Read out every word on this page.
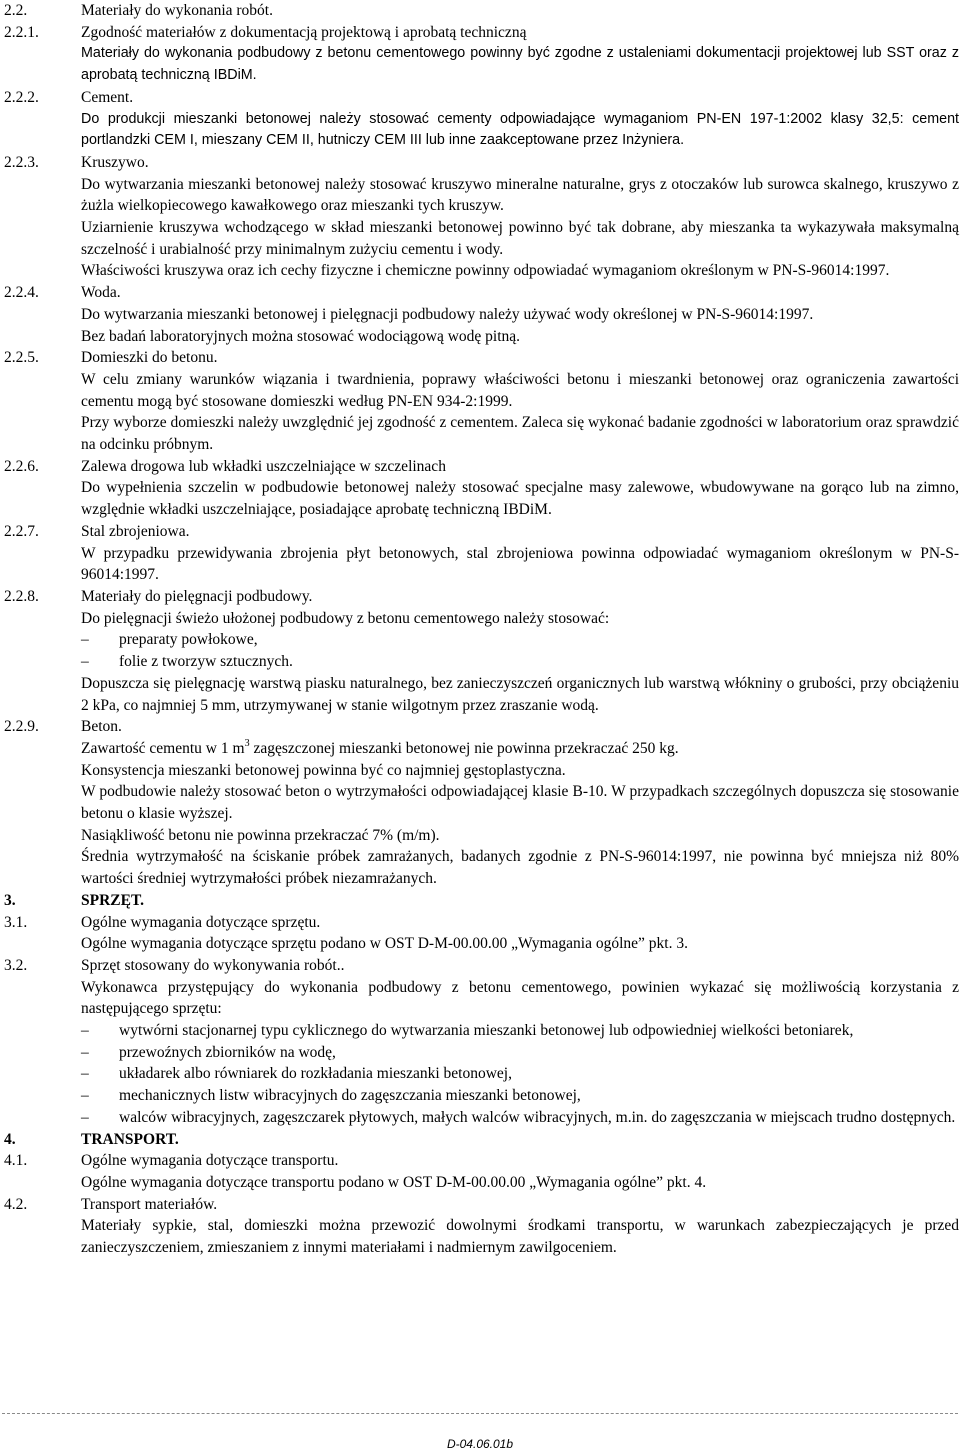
2.2.	Materiały do wykonania robót.
2.2.1.	Zgodność materiałów z dokumentacją projektową i aprobatą techniczną
Materiały do wykonania podbudowy z betonu cementowego powinny być zgodne z ustaleniami dokumentacji projektowej lub SST oraz z aprobatą techniczną IBDiM.
2.2.2.	Cement.
Do produkcji mieszanki betonowej należy stosować cementy odpowiadające wymaganiom PN-EN 197-1:2002 klasy 32,5: cement portlandzki CEM I, mieszany CEM II, hutniczy CEM III lub inne zaakceptowane przez Inżyniera.
2.2.3.	Kruszywo.
Do wytwarzania mieszanki betonowej należy stosować kruszywo mineralne naturalne, grys z otoczaków lub surowca skalnego, kruszywo z żużla wielkopiecowego kawałkowego oraz mieszanki tych kruszyw.
Uziarnienie kruszywa wchodzącego w skład mieszanki betonowej powinno być tak dobrane, aby mieszanka ta wykazywała maksymalną szczelność i urabialność przy minimalnym zużyciu cementu i wody.
Właściwości kruszywa oraz ich cechy fizyczne i chemiczne powinny odpowiadać wymaganiom określonym w PN-S-96014:1997.
2.2.4.	Woda.
Do wytwarzania mieszanki betonowej i pielęgnacji podbudowy należy używać wody określonej w PN-S-96014:1997.
Bez badań laboratoryjnych można stosować wodociągową wodę pitną.
2.2.5.	Domieszki do betonu.
W celu zmiany warunków wiązania i twardnienia, poprawy właściwości betonu i mieszanki betonowej oraz ograniczenia zawartości cementu mogą być stosowane domieszki według PN-EN 934-2:1999.
Przy wyborze domieszki należy uwzględnić jej zgodność z cementem. Zaleca się wykonać badanie zgodności w laboratorium oraz sprawdzić na odcinku próbnym.
2.2.6.	Zalewa drogowa lub wkładki uszczelniające w szczelinach
Do wypełnienia szczelin w podbudowie betonowej należy stosować specjalne masy zalewowe, wbudowywane na gorąco lub na zimno, względnie wkładki uszczelniające, posiadające aprobatę techniczną IBDiM.
2.2.7.	Stal zbrojeniowa.
W przypadku przewidywania zbrojenia płyt betonowych, stal zbrojeniowa powinna odpowiadać wymaganiom określonym w PN-S-96014:1997.
2.2.8.	Materiały do pielęgnacji podbudowy.
Do pielęgnacji świeżo ułożonej podbudowy z betonu cementowego należy stosować:
–	preparaty powłokowe,
–	folie z tworzyw sztucznych.
Dopuszcza się pielęgnację warstwą piasku naturalnego, bez zanieczyszczeń organicznych lub warstwą włókniny o grubości, przy obciążeniu 2 kPa, co najmniej 5 mm, utrzymywanej w stanie wilgotnym przez zraszanie wodą.
2.2.9.	Beton.
Zawartość cementu w 1 $m^3$ zagęszczonej mieszanki betonowej nie powinna przekraczać 250 kg.
Konsystencja mieszanki betonowej powinna być co najmniej gęstoplastyczna.
W podbudowie należy stosować beton o wytrzymałości odpowiadającej klasie B-10. W przypadkach szczególnych dopuszcza się stosowanie betonu o klasie wyższej.
Nasiąkliwość betonu nie powinna przekraczać 7% (m/m).
Średnia wytrzymałość na ściskanie próbek zamrażanych, badanych zgodnie z PN-S-96014:1997, nie powinna być mniejsza niż 80% wartości średniej wytrzymałości próbek niezamrażanych.
3.	SPRZĘT.
3.1.	Ogólne wymagania dotyczące sprzętu.
Ogólne wymagania dotyczące sprzętu podano w OST D-M-00.00.00 „Wymagania ogólne” pkt. 3.
3.2.	Sprzęt stosowany do wykonywania robót..
Wykonawca przystępujący do wykonania podbudowy z betonu cementowego, powinien wykazać się możliwością korzystania z następującego sprzętu:
–	wytwórni stacjonarnej typu cyklicznego do wytwarzania mieszanki betonowej lub odpowiedniej wielkości betoniarek,
–	przewoźnych zbiorników na wodę,
–	układarek albo równiarek do rozkładania mieszanki betonowej,
–	mechanicznych listw wibracyjnych do zagęszczania mieszanki betonowej,
–	walców wibracyjnych, zagęszczarek płytowych, małych walców wibracyjnych, m.in. do zagęszczania w miejscach trudno dostępnych.
4.	TRANSPORT.
4.1.	Ogólne wymagania dotyczące transportu.
Ogólne wymagania dotyczące transportu podano w OST D-M-00.00.00 „Wymagania ogólne” pkt. 4.
4.2.	Transport materiałów.
Materiały sypkie, stal, domieszki można przewozić dowolnymi środkami transportu, w warunkach zabezpieczających je przed zanieczyszczeniem, zmieszaniem z innymi materiałami i nadmiernym zawilgoceniem.
D-04.06.01b
